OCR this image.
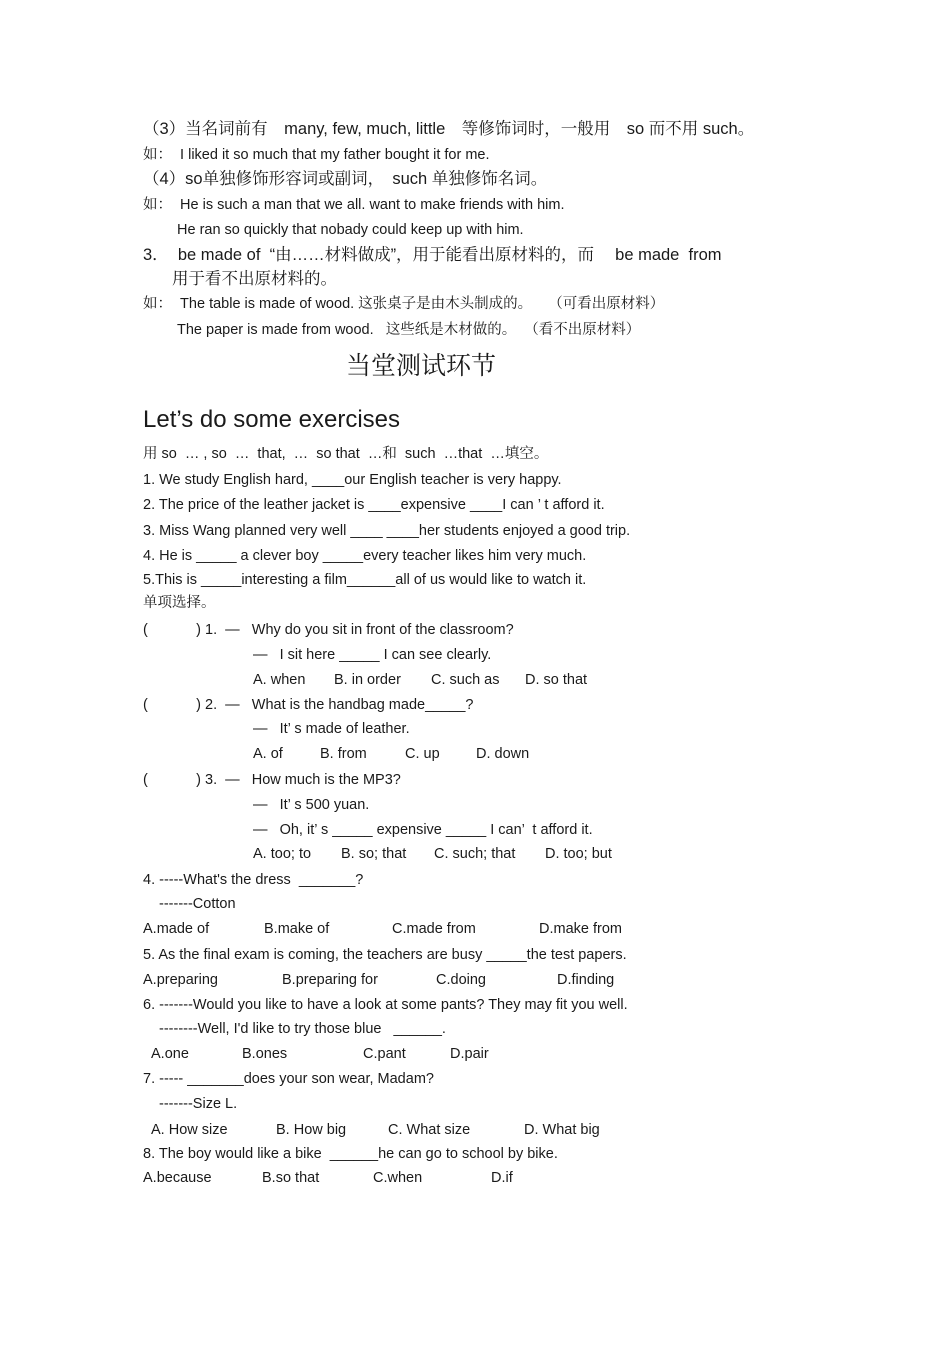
（3）当名词前有　many, few, much, little　等修饰词时，一般用　so 而不用 such。
如：  I liked it so much that my father bought it for me.
（4）so单独修饰形容词或副词，　such 单独修饰名词。
如：  He is such a man that we all. want to make friends with him.
He ran so quickly that nobady could keep up with him.
3．  be made of  “由……材料做成”，用于能看出原材料的，而　 be made  from
用于看不出原材料的。
如：  The table is made of wood. 这张桌子是由木头制成的。    （可看出原材料）
The paper is made from wood.   这些纸是木材做的。  （看不出原材料）
当堂测试环节
Let’s do some exercises
用 so  … , so  …  that,  …  so that  …和  such  …that  …填空。
1. We study English hard, ____our English teacher is very happy.
2. The price of the leather jacket is ____expensive ____I can ’ t afford it.
3. Miss Wang planned very well ____ ____her students enjoyed a good trip.
4. He is _____ a clever boy _____every teacher likes him very much.
5.This is _____interesting a film______all of us would like to watch it.
单项选择。
(            ) 1.  —   Why do you sit in front of the classroom?
—   I sit here _____ I can see clearly.
A. when B. in order C. such as D. so that
(            ) 2.  —   What is the handbag made_____?
—   It’ s made of leather.
A. of	B. from	C. up	D. down
(            ) 3.  —   How much is the MP3?
—   It’ s 500 yuan.
—   Oh, it’ s _____ expensive _____ I can’  t afford it.
A. too; to B. so; that C. such; that D. too; but
4. -----What's the dress  _______?
-------Cotton
A.made of	B.make of	C.made from	D.make from
5. As the final exam is coming, the teachers are busy _____the test papers.
A.preparing	B.preparing for	C.doing	D.finding
6. -------Would you like to have a look at some pants? They may fit you well.
--------Well, I'd like to try those blue   ______.
A.one	B.ones	C.pant	D.pair
7. ----- _______does your son wear, Madam?
-------Size L.
A. How size	B. How big	C. What size	D. What big
8. The boy would like a bike  ______he can go to school by bike.
A.because	B.so that	C.when	D.if
